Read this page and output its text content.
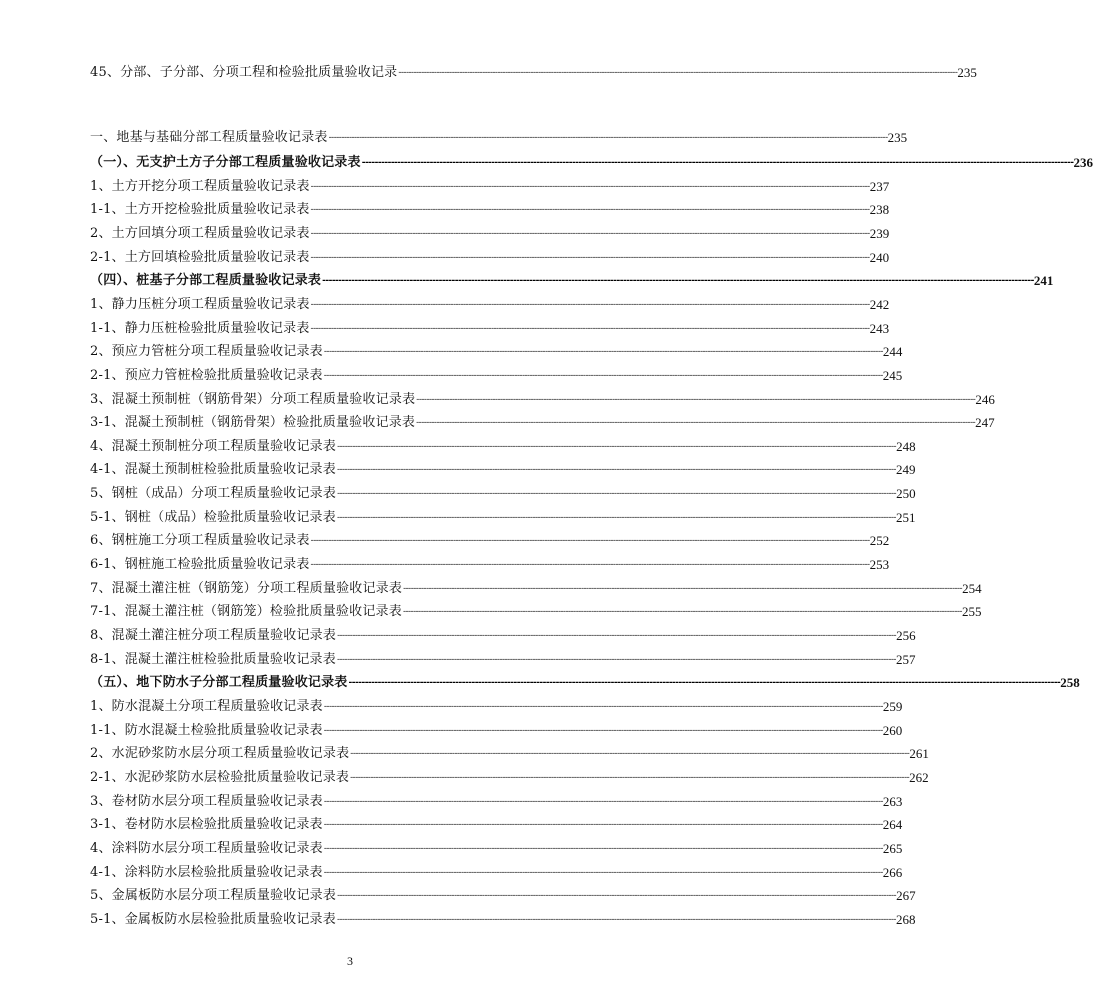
45、分部、子分部、分项工程和检验批质量验收记录 ---------------------------------------------------------------------------------------------------------------------------------------------------------------------------------------------------------------------------- 235
一、地基与基础分部工程质量验收记录表 ---------------------------------------------------------------------------------------------------------------------------------------------------------------------------------------------------------------------------- 235
（一）、无支护土方子分部工程质量验收记录表 ---------------------------------------------------------------------------------------------------------------------------------------------------------------------------------------------------------------------------- 236
1、土方开挖分项工程质量验收记录表 ---------------------------------------------------------------------------------------------------------------------------------------------------------------------------------------------------------------------------- 237
1-1、土方开挖检验批质量验收记录表 ---------------------------------------------------------------------------------------------------------------------------------------------------------------------------------------------------------------------------- 238
2、土方回填分项工程质量验收记录表 ---------------------------------------------------------------------------------------------------------------------------------------------------------------------------------------------------------------------------- 239
2-1、土方回填检验批质量验收记录表 ---------------------------------------------------------------------------------------------------------------------------------------------------------------------------------------------------------------------------- 240
（四）、桩基子分部工程质量验收记录表 ---------------------------------------------------------------------------------------------------------------------------------------------------------------------------------------------------------------------------- 241
1、静力压桩分项工程质量验收记录表 ---------------------------------------------------------------------------------------------------------------------------------------------------------------------------------------------------------------------------- 242
1-1、静力压桩检验批质量验收记录表 ---------------------------------------------------------------------------------------------------------------------------------------------------------------------------------------------------------------------------- 243
2、预应力管桩分项工程质量验收记录表 ---------------------------------------------------------------------------------------------------------------------------------------------------------------------------------------------------------------------------- 244
2-1、预应力管桩检验批质量验收记录表 ---------------------------------------------------------------------------------------------------------------------------------------------------------------------------------------------------------------------------- 245
3、混凝土预制桩（钢筋骨架）分项工程质量验收记录表 ---------------------------------------------------------------------------------------------------------------------------------------------------------------------------------------------------------------------------- 246
3-1、混凝土预制桩（钢筋骨架）检验批质量验收记录表 ---------------------------------------------------------------------------------------------------------------------------------------------------------------------------------------------------------------------------- 247
4、混凝土预制桩分项工程质量验收记录表 ---------------------------------------------------------------------------------------------------------------------------------------------------------------------------------------------------------------------------- 248
4-1、混凝土预制桩检验批质量验收记录表 ---------------------------------------------------------------------------------------------------------------------------------------------------------------------------------------------------------------------------- 249
5、钢桩（成品）分项工程质量验收记录表 ---------------------------------------------------------------------------------------------------------------------------------------------------------------------------------------------------------------------------- 250
5-1、钢桩（成品）检验批质量验收记录表 ---------------------------------------------------------------------------------------------------------------------------------------------------------------------------------------------------------------------------- 251
6、钢桩施工分项工程质量验收记录表 ---------------------------------------------------------------------------------------------------------------------------------------------------------------------------------------------------------------------------- 252
6-1、钢桩施工检验批质量验收记录表 ---------------------------------------------------------------------------------------------------------------------------------------------------------------------------------------------------------------------------- 253
7、混凝土灌注桩（钢筋笼）分项工程质量验收记录表 ---------------------------------------------------------------------------------------------------------------------------------------------------------------------------------------------------------------------------- 254
7-1、混凝土灌注桩（钢筋笼）检验批质量验收记录表 ---------------------------------------------------------------------------------------------------------------------------------------------------------------------------------------------------------------------------- 255
8、混凝土灌注桩分项工程质量验收记录表 ---------------------------------------------------------------------------------------------------------------------------------------------------------------------------------------------------------------------------- 256
8-1、混凝土灌注桩检验批质量验收记录表 ---------------------------------------------------------------------------------------------------------------------------------------------------------------------------------------------------------------------------- 257
（五）、地下防水子分部工程质量验收记录表 ---------------------------------------------------------------------------------------------------------------------------------------------------------------------------------------------------------------------------- 258
1、防水混凝土分项工程质量验收记录表 ---------------------------------------------------------------------------------------------------------------------------------------------------------------------------------------------------------------------------- 259
1-1、防水混凝土检验批质量验收记录表 ---------------------------------------------------------------------------------------------------------------------------------------------------------------------------------------------------------------------------- 260
2、水泥砂浆防水层分项工程质量验收记录表 ---------------------------------------------------------------------------------------------------------------------------------------------------------------------------------------------------------------------------- 261
2-1、水泥砂浆防水层检验批质量验收记录表 ---------------------------------------------------------------------------------------------------------------------------------------------------------------------------------------------------------------------------- 262
3、卷材防水层分项工程质量验收记录表 ---------------------------------------------------------------------------------------------------------------------------------------------------------------------------------------------------------------------------- 263
3-1、卷材防水层检验批质量验收记录表 ---------------------------------------------------------------------------------------------------------------------------------------------------------------------------------------------------------------------------- 264
4、涂料防水层分项工程质量验收记录表 ---------------------------------------------------------------------------------------------------------------------------------------------------------------------------------------------------------------------------- 265
4-1、涂料防水层检验批质量验收记录表 ---------------------------------------------------------------------------------------------------------------------------------------------------------------------------------------------------------------------------- 266
5、金属板防水层分项工程质量验收记录表 ---------------------------------------------------------------------------------------------------------------------------------------------------------------------------------------------------------------------------- 267
5-1、金属板防水层检验批质量验收记录表 ---------------------------------------------------------------------------------------------------------------------------------------------------------------------------------------------------------------------------- 268
3
